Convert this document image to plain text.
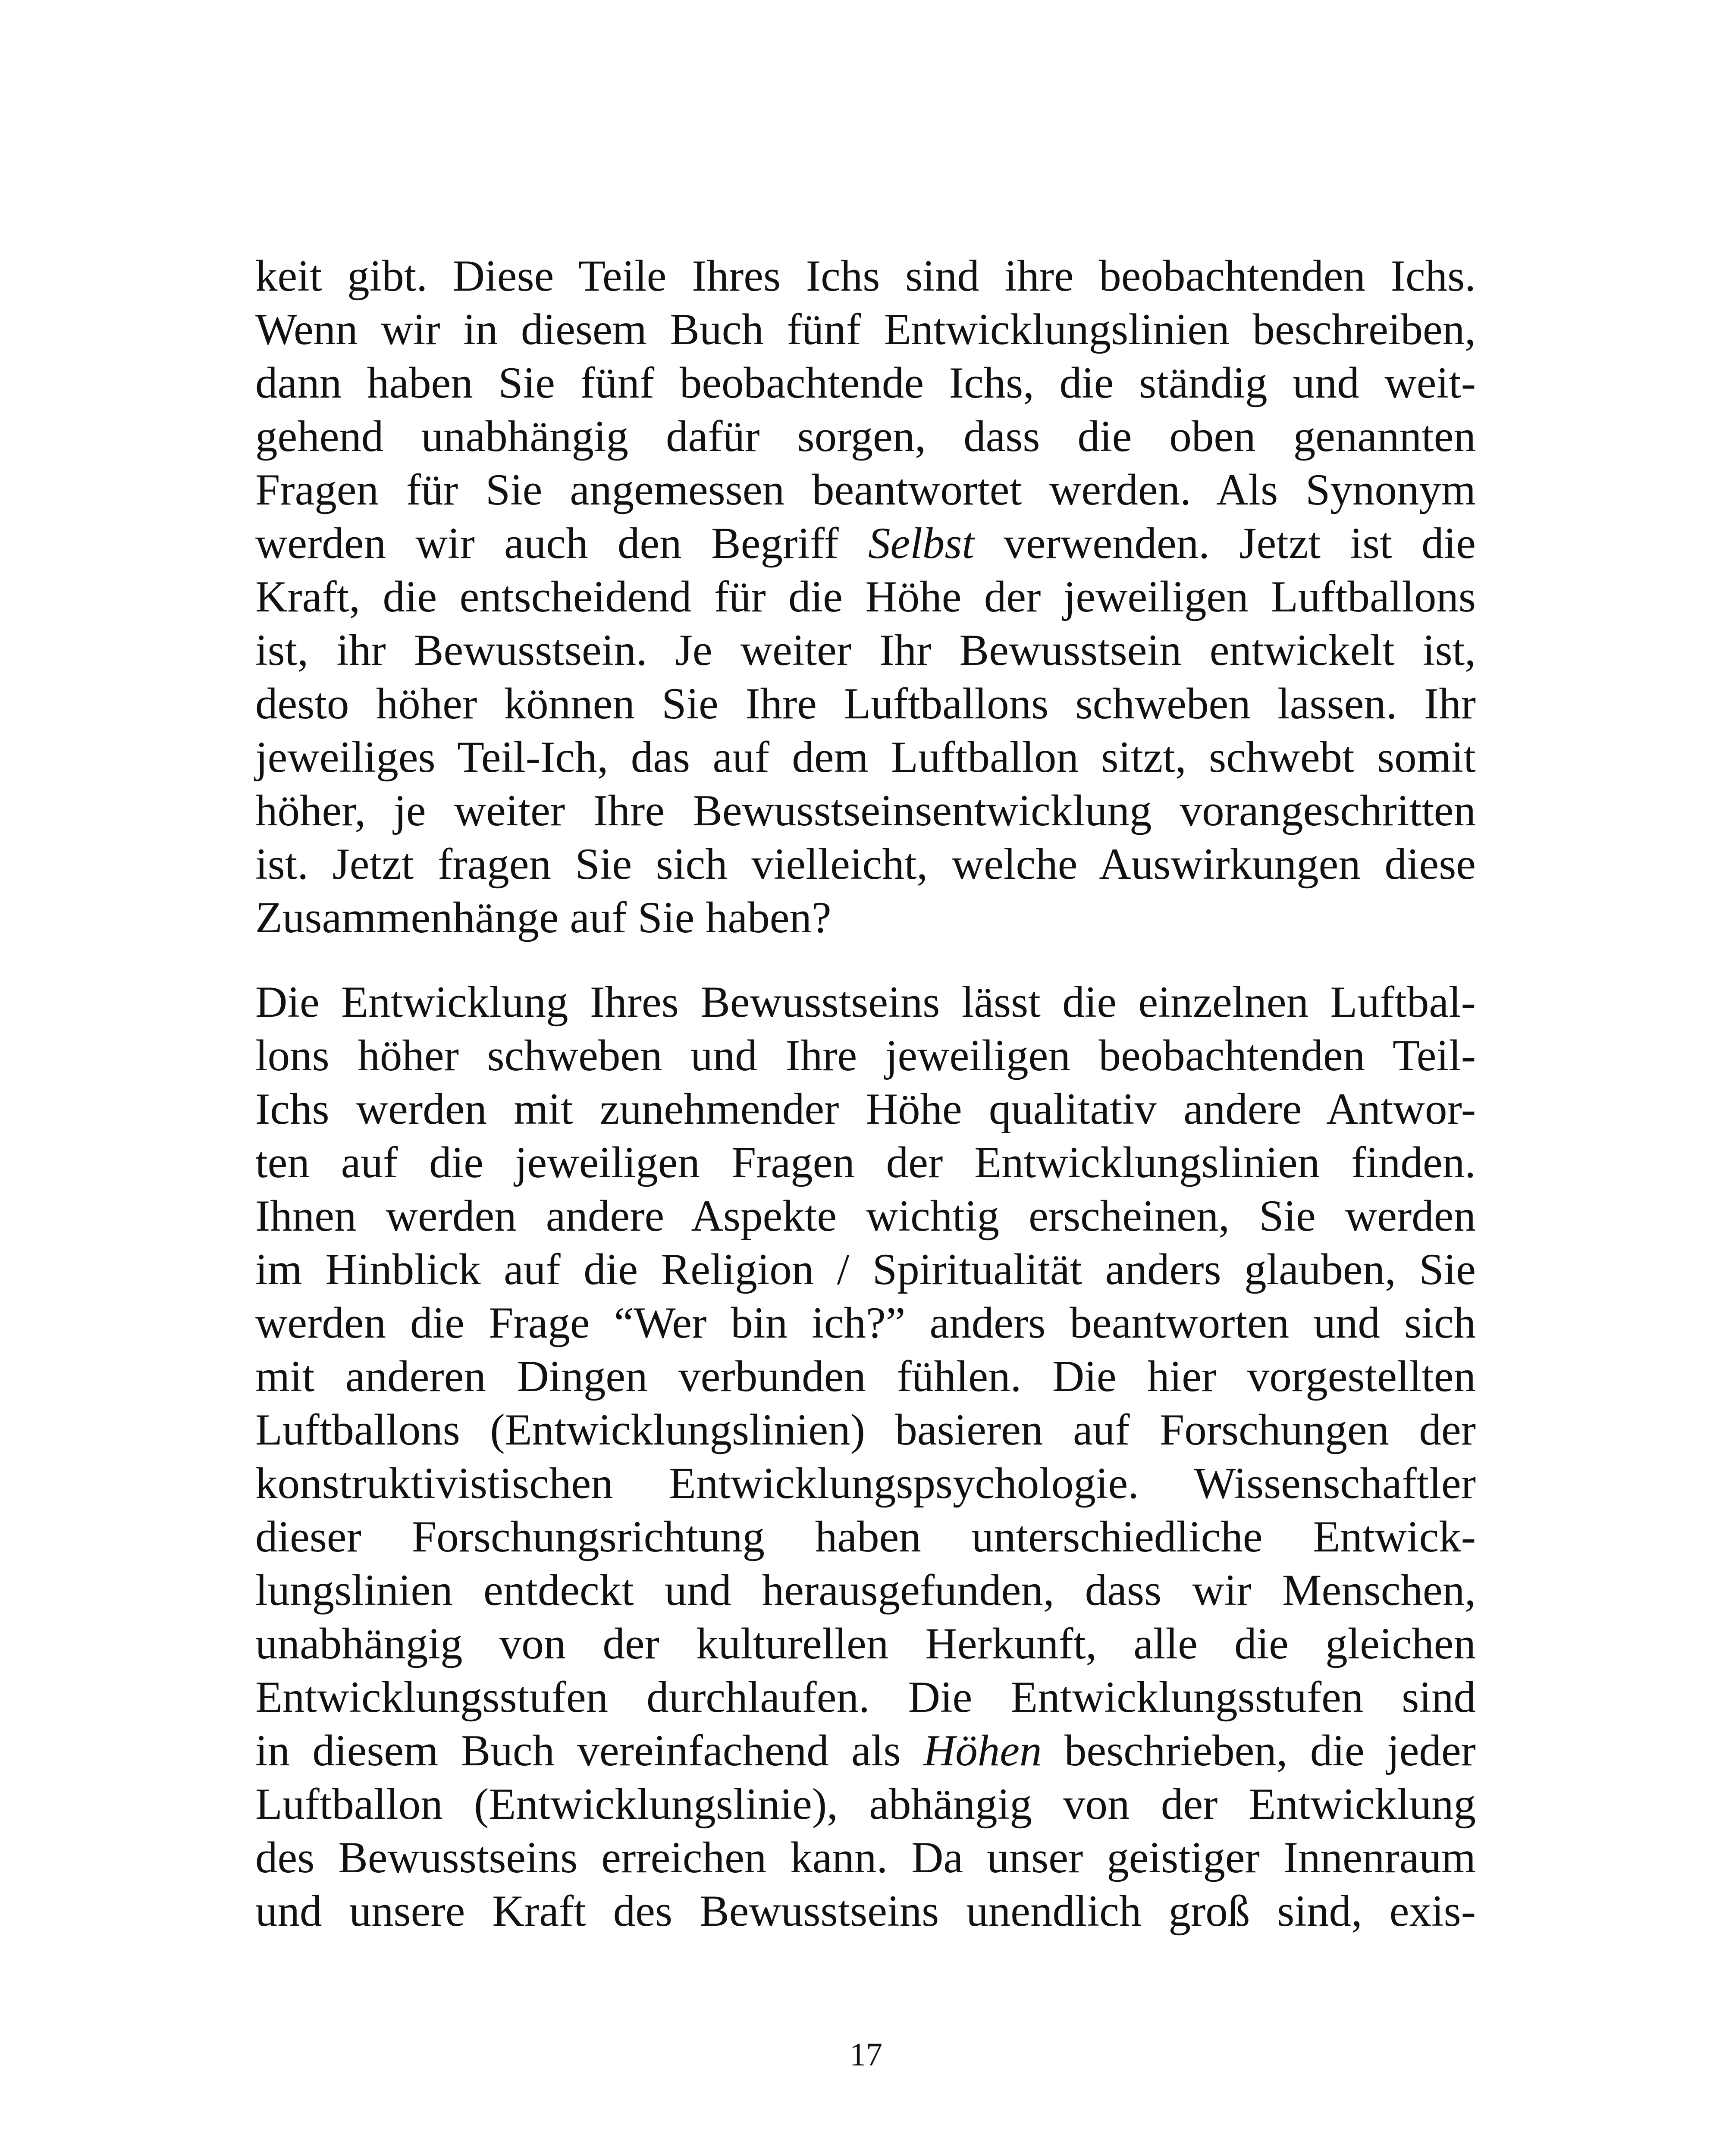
keit gibt. Diese Teile Ihres Ichs sind ihre beobachtenden Ichs.
Wenn wir in diesem Buch fünf Entwicklungslinien beschreiben,
dann haben Sie fünf beobachtende Ichs, die ständig und weit-
gehend unabhängig dafür sorgen, dass die oben genannten
Fragen für Sie angemessen beantwortet werden. Als Synonym
werden wir auch den Begriff Selbst verwenden. Jetzt ist die
Kraft, die entscheidend für die Höhe der jeweiligen Luftballons
ist, ihr Bewusstsein. Je weiter Ihr Bewusstsein entwickelt ist,
desto höher können Sie Ihre Luftballons schweben lassen. Ihr
jeweiliges Teil-Ich, das auf dem Luftballon sitzt, schwebt somit
höher, je weiter Ihre Bewusstseinsentwicklung vorangeschritten
ist. Jetzt fragen Sie sich vielleicht, welche Auswirkungen diese
Zusammenhänge auf Sie haben?
Die Entwicklung Ihres Bewusstseins lässt die einzelnen Luftbal-
lons höher schweben und Ihre jeweiligen beobachtenden Teil-
Ichs werden mit zunehmender Höhe qualitativ andere Antwor-
ten auf die jeweiligen Fragen der Entwicklungslinien finden.
Ihnen werden andere Aspekte wichtig erscheinen, Sie werden
im Hinblick auf die Religion / Spiritualität anders glauben, Sie
werden die Frage “Wer bin ich?” anders beantworten und sich
mit anderen Dingen verbunden fühlen. Die hier vorgestellten
Luftballons (Entwicklungslinien) basieren auf Forschungen der
konstruktivistischen Entwicklungspsychologie. Wissenschaftler
dieser Forschungsrichtung haben unterschiedliche Entwick-
lungslinien entdeckt und herausgefunden, dass wir Menschen,
unabhängig von der kulturellen Herkunft, alle die gleichen
Entwicklungsstufen durchlaufen. Die Entwicklungsstufen sind
in diesem Buch vereinfachend als Höhen beschrieben, die jeder
Luftballon (Entwicklungslinie), abhängig von der Entwicklung
des Bewusstseins erreichen kann. Da unser geistiger Innenraum
und unsere Kraft des Bewusstseins unendlich groß sind, exis-
17
